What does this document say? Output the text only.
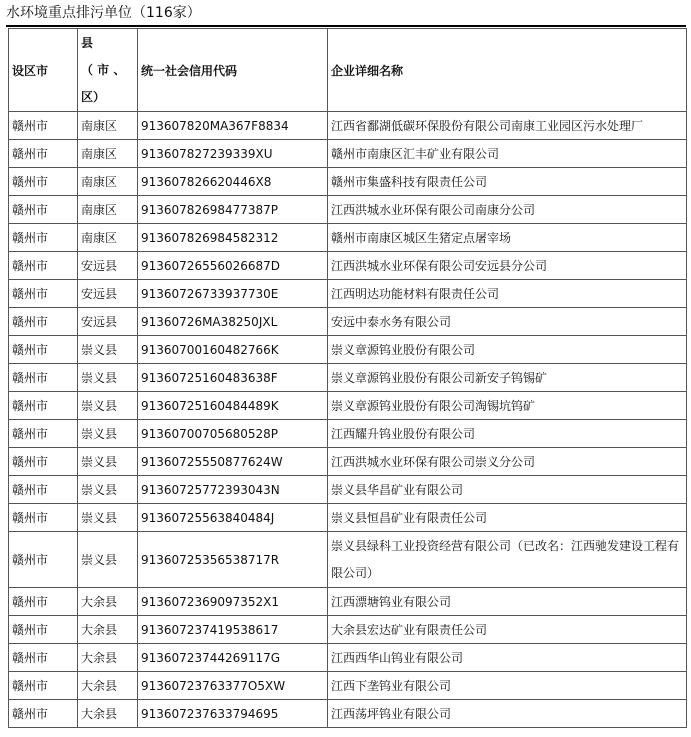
水环境重点排污单位（116家）
设区市	县
（ 市 、
区）	统一社会信用代码	企业详细名称
赣州市	南康区	913607820MA367F8834	江西省鄱湖低碳环保股份有限公司南康工业园区污水处理厂
赣州市	南康区	913607827239339XU	赣州市南康区汇丰矿业有限公司
赣州市	南康区	913607826620446X8	赣州市集盛科技有限责任公司
赣州市	南康区	91360782698477387P	江西洪城水业环保有限公司南康分公司
赣州市	南康区	913607826984582312	赣州市南康区城区生猪定点屠宰场
赣州市	安远县	91360726556026687D	江西洪城水业环保有限公司安远县分公司
赣州市	安远县	91360726733937730E	江西明达功能材料有限责任公司
赣州市	安远县	91360726MA38250JXL	安远中泰水务有限公司
赣州市	崇义县	91360700160482766K	崇义章源钨业股份有限公司
赣州市	崇义县	91360725160483638F	崇义章源钨业股份有限公司新安子钨锡矿
赣州市	崇义县	91360725160484489K	崇义章源钨业股份有限公司淘锡坑钨矿
赣州市	崇义县	91360700705680528P	江西耀升钨业股份有限公司
赣州市	崇义县	91360725550877624W	江西洪城水业环保有限公司崇义分公司
赣州市	崇义县	91360725772393043N	崇义县华昌矿业有限公司
赣州市	崇义县	91360725563840484J	崇义县恒昌矿业有限责任公司
赣州市	崇义县	91360725356538717R	崇义县绿科工业投资经营有限公司（已改名：江西驰发建设工程有限公司）
赣州市	大余县	9136072369097352X1	江西漂塘钨业有限公司
赣州市	大余县	913607237419538617	大余县宏达矿业有限责任公司
赣州市	大余县	91360723744269117G	江西西华山钨业有限公司
赣州市	大余县	91360723763377O5XW	江西下垄钨业有限公司
赣州市	大余县	913607237633794695	江西荡坪钨业有限公司
